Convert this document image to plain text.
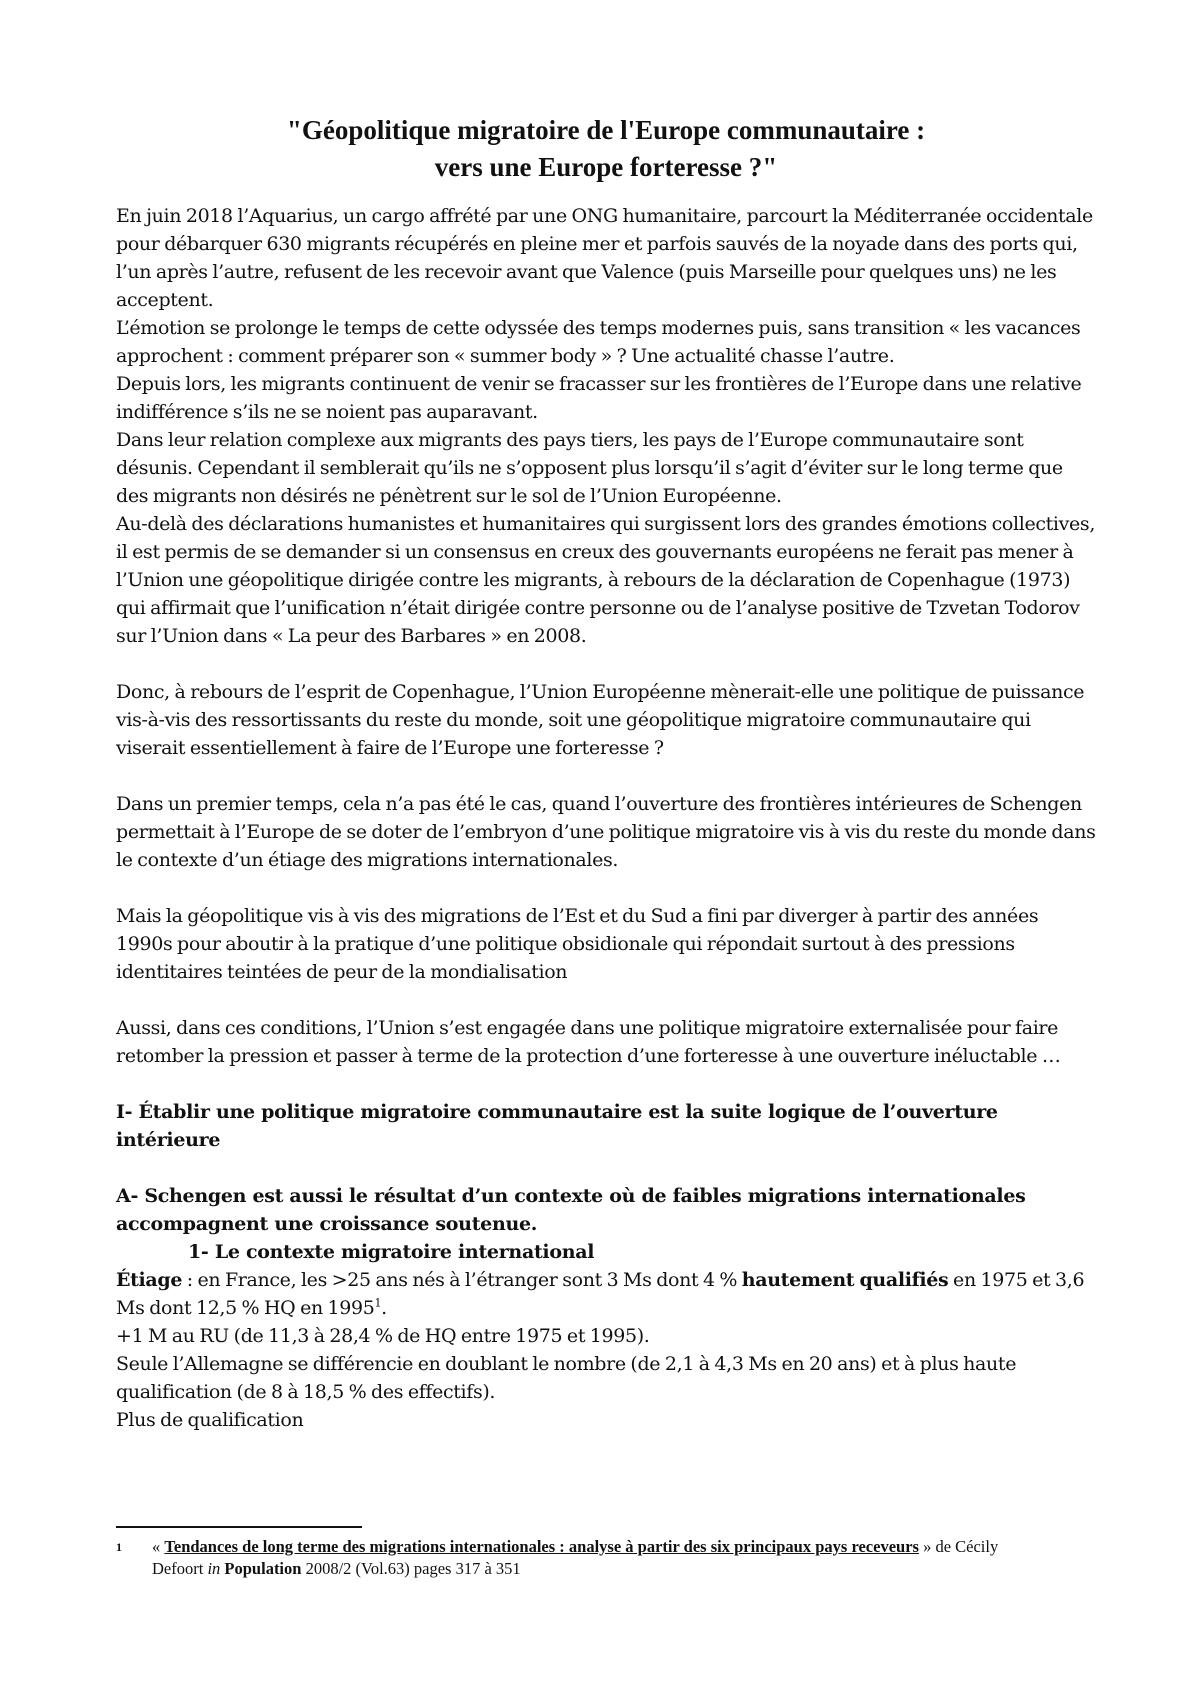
"Géopolitique migratoire de l'Europe communautaire :
vers une Europe forteresse ?"

En juin 2018 l’Aquarius, un cargo affrété par une ONG humanitaire, parcourt la Méditerranée occidentale pour débarquer 630 migrants récupérés en pleine mer et parfois sauvés de la noyade dans des ports qui, l’un après l’autre, refusent de les recevoir avant que Valence (puis Marseille pour quelques uns) ne les acceptent.

L’émotion se prolonge le temps de cette odyssée des temps modernes puis, sans transition « les vacances approchent : comment préparer son « summer body » ? Une actualité chasse l’autre.

Depuis lors, les migrants continuent de venir se fracasser sur les frontières de l’Europe dans une relative indifférence s’ils ne se noient pas auparavant.

Dans leur relation complexe aux migrants des pays tiers, les pays de l’Europe communautaire sont désunis. Cependant il semblerait qu’ils ne s’opposent plus lorsqu’il s’agit d’éviter sur le long terme que des migrants non désirés ne pénètrent sur le sol de l’Union Européenne.

Au-delà des déclarations humanistes et humanitaires qui surgissent lors des grandes émotions collectives, il est permis de se demander si un consensus en creux des gouvernants européens ne ferait pas mener à l’Union une géopolitique dirigée contre les migrants, à rebours de la déclaration de Copenhague (1973) qui affirmait que l’unification n’était dirigée contre personne ou de l’analyse positive de Tzvetan Todorov sur l’Union dans « La peur des Barbares » en 2008.

Donc, à rebours de l’esprit de Copenhague, l’Union Européenne mènerait-elle une politique de puissance vis-à-vis des ressortissants du reste du monde, soit une géopolitique migratoire communautaire qui viserait essentiellement à faire de l’Europe une forteresse ?

Dans un premier temps, cela n’a pas été le cas, quand l’ouverture des frontières intérieures de Schengen permettait à l’Europe de se doter de l’embryon d’une politique migratoire vis à vis du reste du monde dans le contexte d’un étiage des migrations internationales.

Mais la géopolitique vis à vis des migrations de l’Est et du Sud a fini par diverger à partir des années 1990s pour aboutir à la pratique d’une politique obsidionale qui répondait surtout à des pressions identitaires teintées de peur de la mondialisation

Aussi, dans ces conditions, l’Union s’est engagée dans une politique migratoire externalisée pour faire retomber la pression et passer à terme de la protection d’une forteresse à une ouverture inéluctable …

I- Établir une politique migratoire communautaire est la suite logique de l’ouverture intérieure

A- Schengen est aussi le résultat d’un contexte où de faibles migrations internationales accompagnent une croissance soutenue.

1- Le contexte migratoire international

Étiage : en France, les >25 ans nés à l’étranger sont 3 Ms dont 4 % hautement qualifiés en 1975 et 3,6 Ms dont 12,5 % HQ en 1995$^1$.

+1 M au RU (de 11,3 à 28,4 % de HQ entre 1975 et 1995).

Seule l’Allemagne se différencie en doublant le nombre (de 2,1 à 4,3 Ms en 20 ans) et à plus haute qualification (de 8 à 18,5 % des effectifs).

Plus de qualification

1 « Tendances de long terme des migrations internationales : analyse à partir des six principaux pays receveurs » de Cécily Defoort in Population 2008/2 (Vol.63) pages 317 à 351
